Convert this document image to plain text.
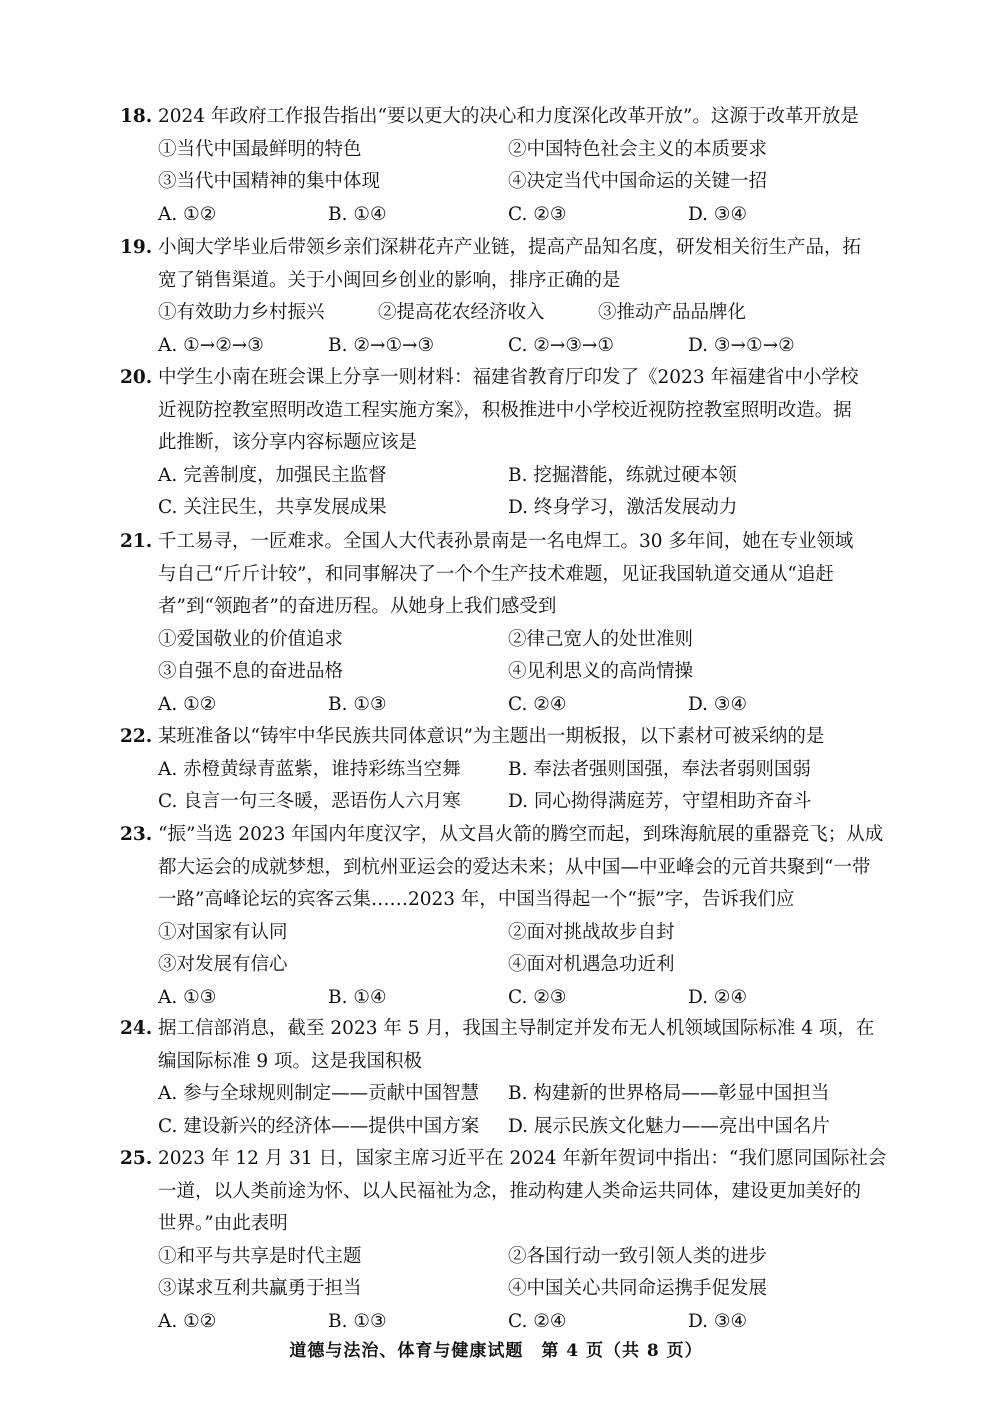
18. 2024 年政府工作报告指出“要以更大的决心和力度深化改革开放”。这源于改革开放是
①当代中国最鲜明的特色	②中国特色社会主义的本质要求
③当代中国精神的集中体现	④决定当代中国命运的关键一招
A. ①②	B. ①④	C. ②③	D. ③④
19. 小闽大学毕业后带领乡亲们深耕花卉产业链，提高产品知名度，研发相关衍生产品，拓
宽了销售渠道。关于小闽回乡创业的影响，排序正确的是
①有效助力乡村振兴	②提高花农经济收入	③推动产品品牌化
A. ①→②→③	B. ②→①→③	C. ②→③→①	D. ③→①→②
20. 中学生小南在班会课上分享一则材料：福建省教育厅印发了《2023 年福建省中小学校
近视防控教室照明改造工程实施方案》，积极推进中小学校近视防控教室照明改造。据
此推断，该分享内容标题应该是
A. 完善制度，加强民主监督	B. 挖掘潜能，练就过硬本领
C. 关注民生，共享发展成果	D. 终身学习，激活发展动力
21. 千工易寻，一匠难求。全国人大代表孙景南是一名电焊工。30 多年间，她在专业领域
与自己“斤斤计较”，和同事解决了一个个生产技术难题，见证我国轨道交通从“追赶
者”到“领跑者”的奋进历程。从她身上我们感受到
①爱国敬业的价值追求	②律己宽人的处世准则
③自强不息的奋进品格	④见利思义的高尚情操
A. ①②	B. ①③	C. ②④	D. ③④
22. 某班准备以“铸牢中华民族共同体意识”为主题出一期板报，以下素材可被采纳的是
A. 赤橙黄绿青蓝紫，谁持彩练当空舞	B. 奉法者强则国强，奉法者弱则国弱
C. 良言一句三冬暖，恶语伤人六月寒	D. 同心拗得满庭芳，守望相助齐奋斗
23. “振”当选 2023 年国内年度汉字，从文昌火箭的腾空而起，到珠海航展的重器竞飞；从成
都大运会的成就梦想，到杭州亚运会的爱达未来；从中国—中亚峰会的元首共聚到“一带
一路”高峰论坛的宾客云集……2023 年，中国当得起一个“振”字，告诉我们应
①对国家有认同	②面对挑战故步自封
③对发展有信心	④面对机遇急功近利
A. ①③	B. ①④	C. ②③	D. ②④
24. 据工信部消息，截至 2023 年 5 月，我国主导制定并发布无人机领域国际标准 4 项，在
编国际标准 9 项。这是我国积极
A. 参与全球规则制定——贡献中国智慧 B. 构建新的世界格局——彰显中国担当
C. 建设新兴的经济体——提供中国方案 D. 展示民族文化魅力——亮出中国名片
25. 2023 年 12 月 31 日，国家主席习近平在 2024 年新年贺词中指出：“我们愿同国际社会
一道，以人类前途为怀、以人民福祉为念，推动构建人类命运共同体，建设更加美好的
世界。”由此表明
①和平与共享是时代主题	②各国行动一致引领人类的进步
③谋求互利共赢勇于担当	④中国关心共同命运携手促发展
A. ①②	B. ①③	C. ②④	D. ③④
道德与法治、体育与健康试题　第 4 页（共 8 页）
